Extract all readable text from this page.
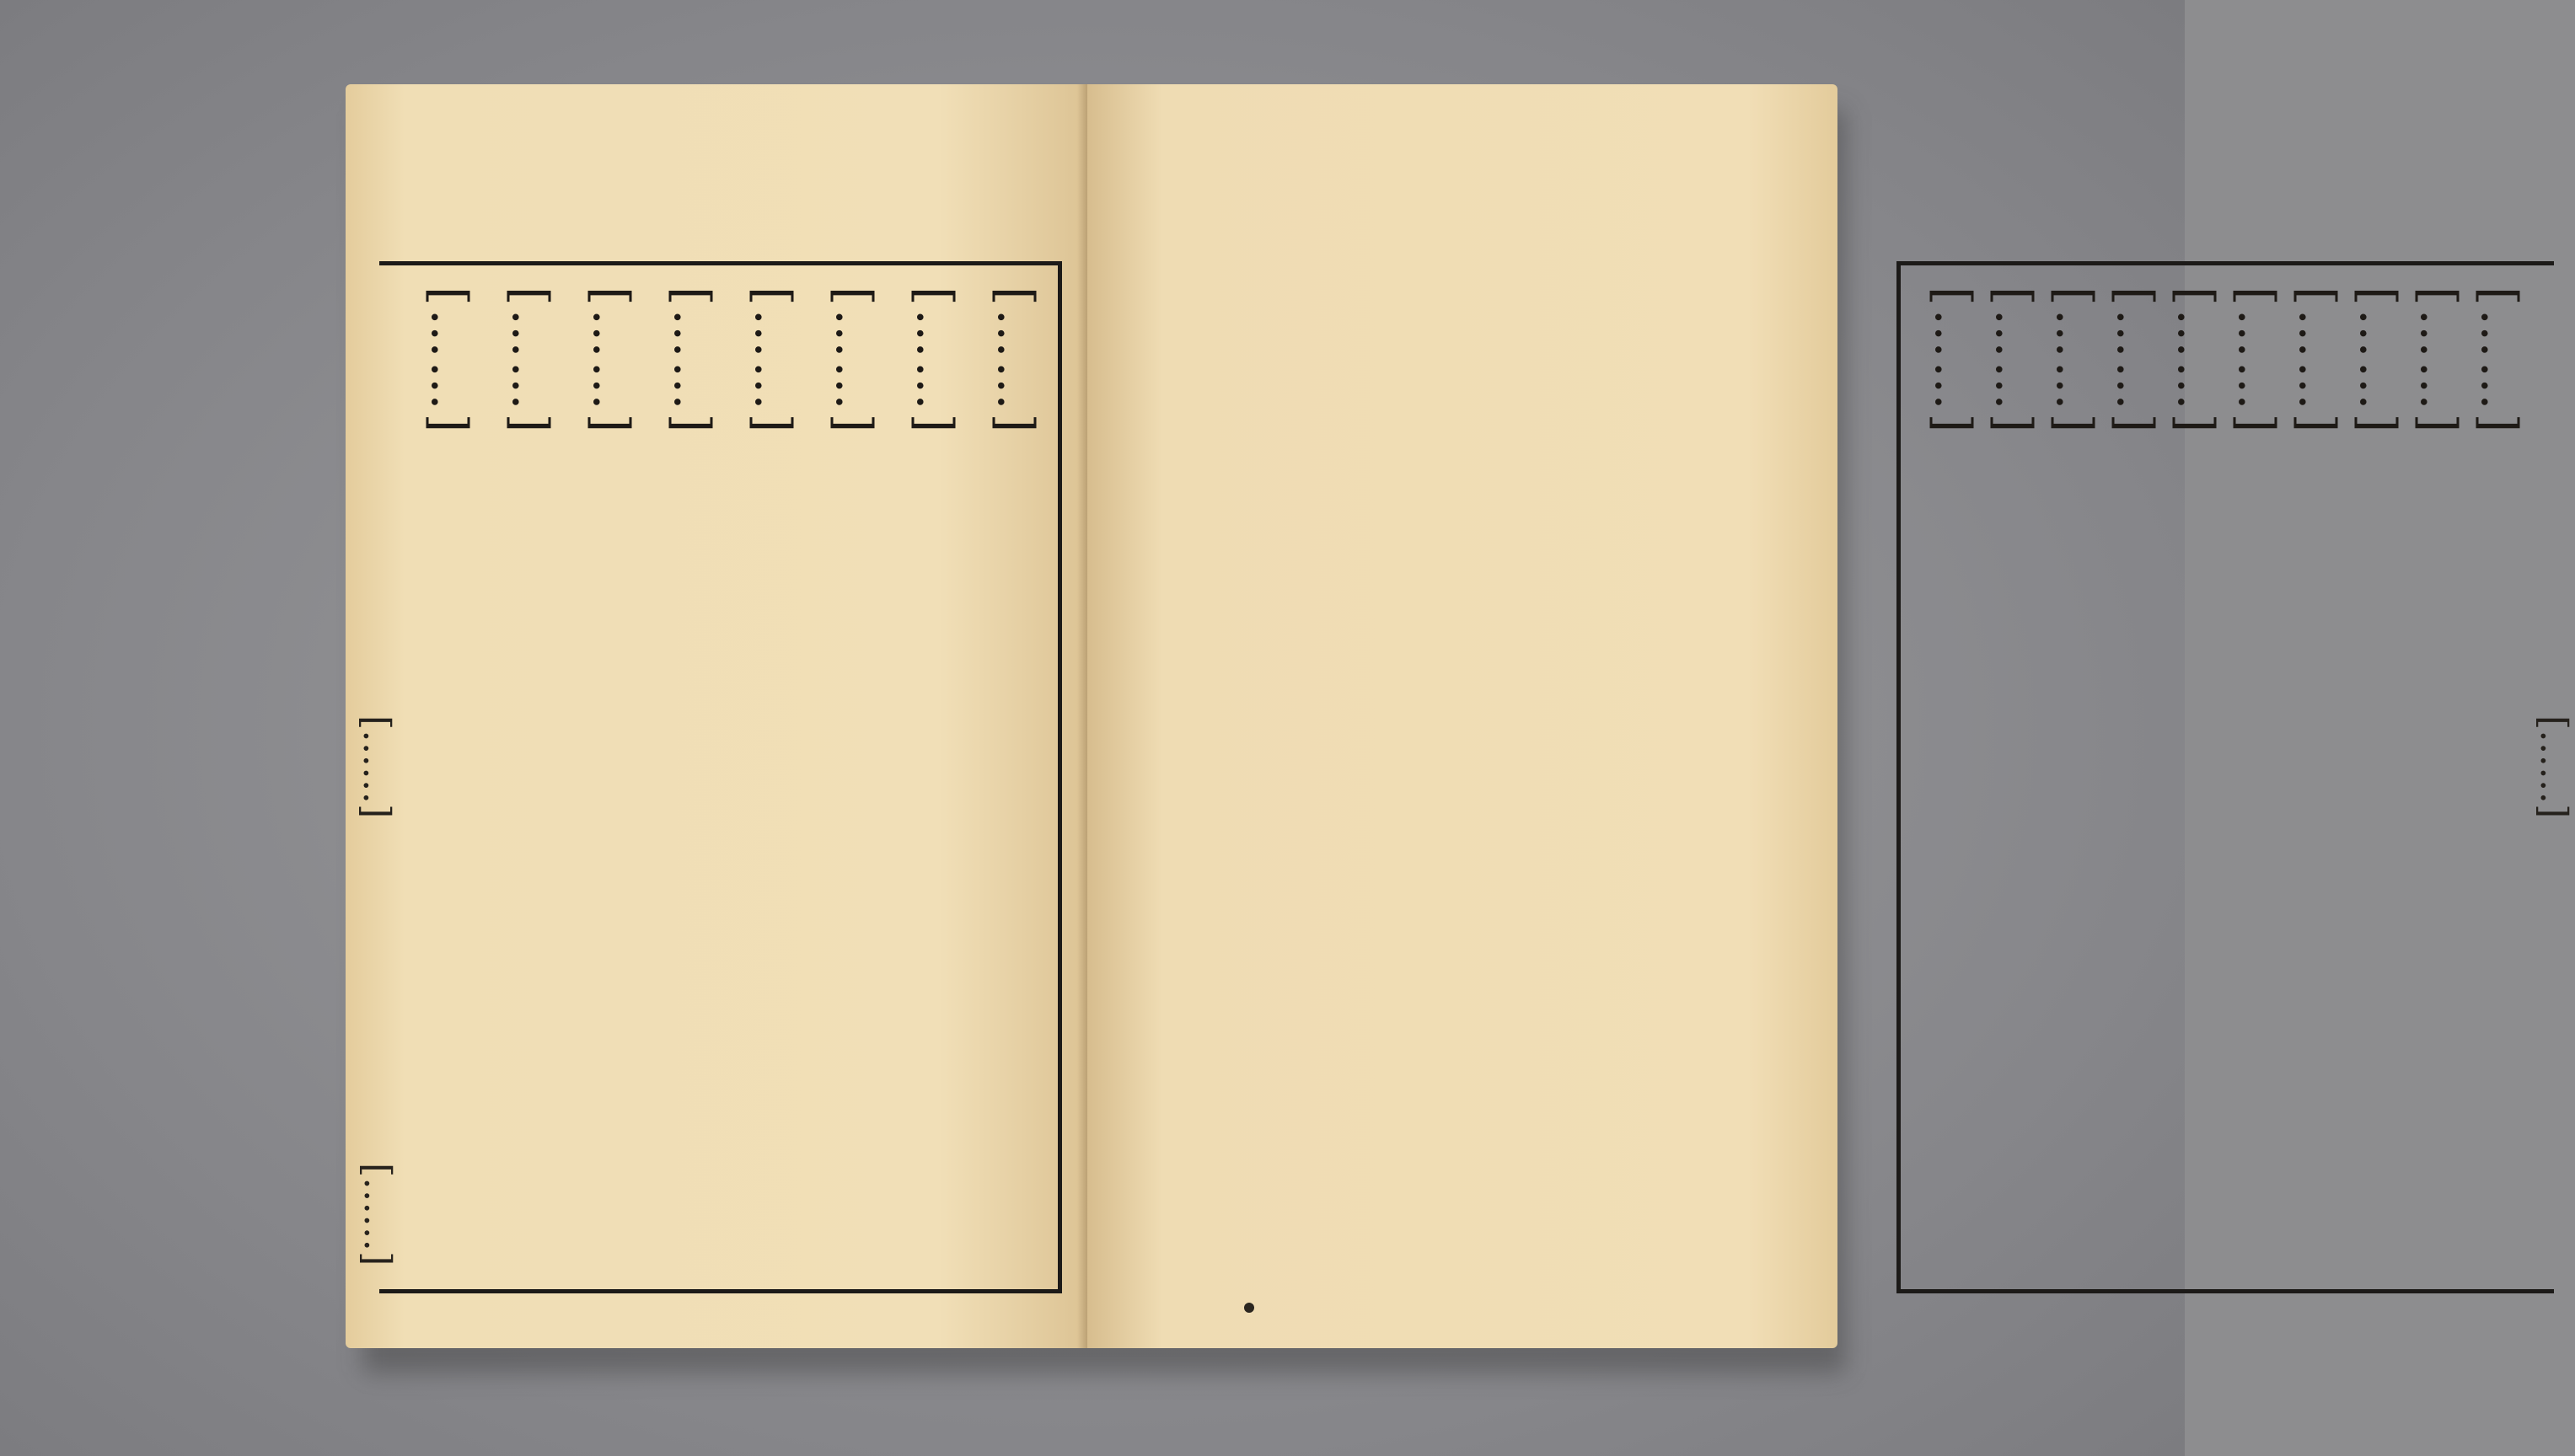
[……]
[……]
[……]
[……]
[……]
[……]
[……]
[……]
[……]
[……]
[……]
[……]
[……]
[……]
[……]
[……]
[……]
[……]
[……]
[……]
[……]
